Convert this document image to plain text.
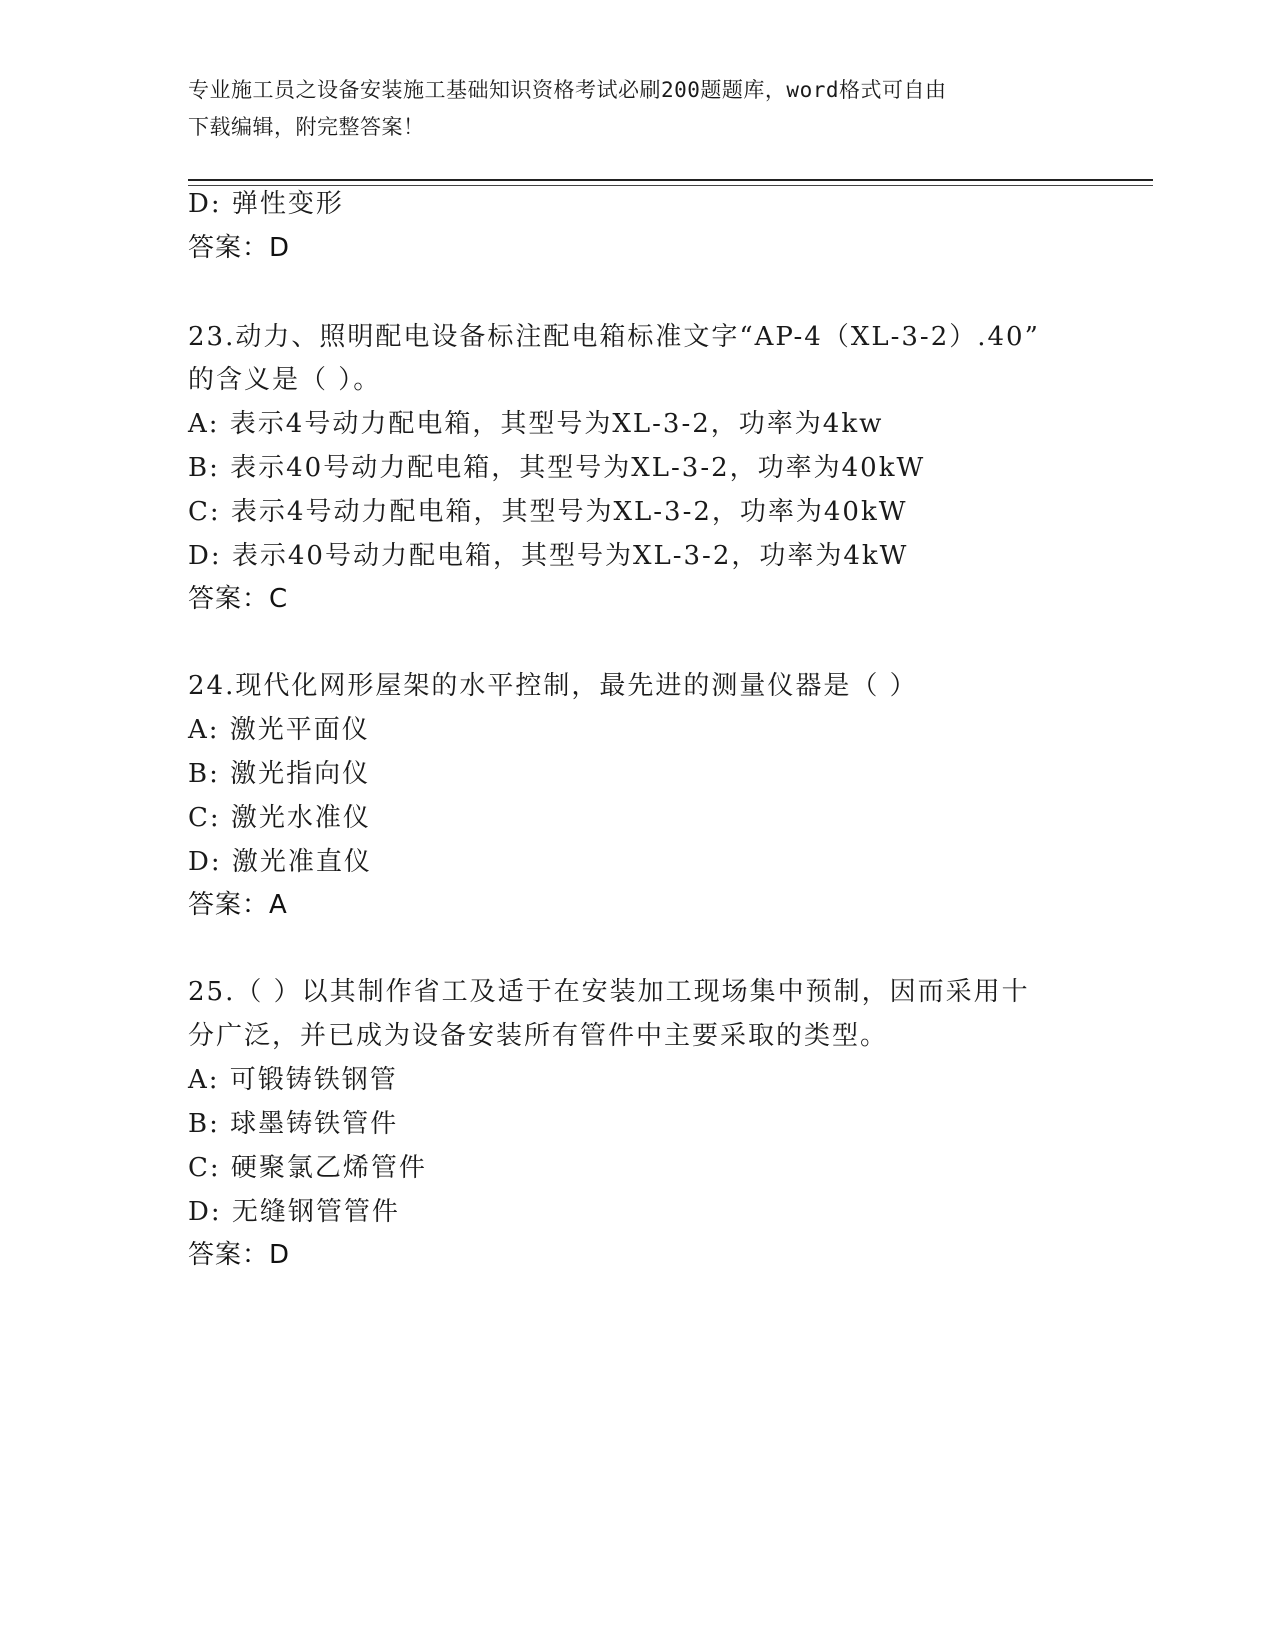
专业施工员之设备安装施工基础知识资格考试必刷200题题库，word格式可自由
下载编辑，附完整答案！
D: 弹性变形
答案：D
23.动力、照明配电设备标注配电箱标准文字“AP-4（XL-3-2）.40”
的含义是（ ）。
A: 表示4号动力配电箱，其型号为XL-3-2，功率为4kw
B: 表示40号动力配电箱，其型号为XL-3-2，功率为40kW
C: 表示4号动力配电箱，其型号为XL-3-2，功率为40kW
D: 表示40号动力配电箱，其型号为XL-3-2，功率为4kW
答案：C
24.现代化网形屋架的水平控制，最先进的测量仪器是（ ）
A: 激光平面仪
B: 激光指向仪
C: 激光水准仪
D: 激光准直仪
答案：A
25.（ ）以其制作省工及适于在安装加工现场集中预制，因而采用十
分广泛，并已成为设备安装所有管件中主要采取的类型。
A: 可锻铸铁钢管
B: 球墨铸铁管件
C: 硬聚氯乙烯管件
D: 无缝钢管管件
答案：D
